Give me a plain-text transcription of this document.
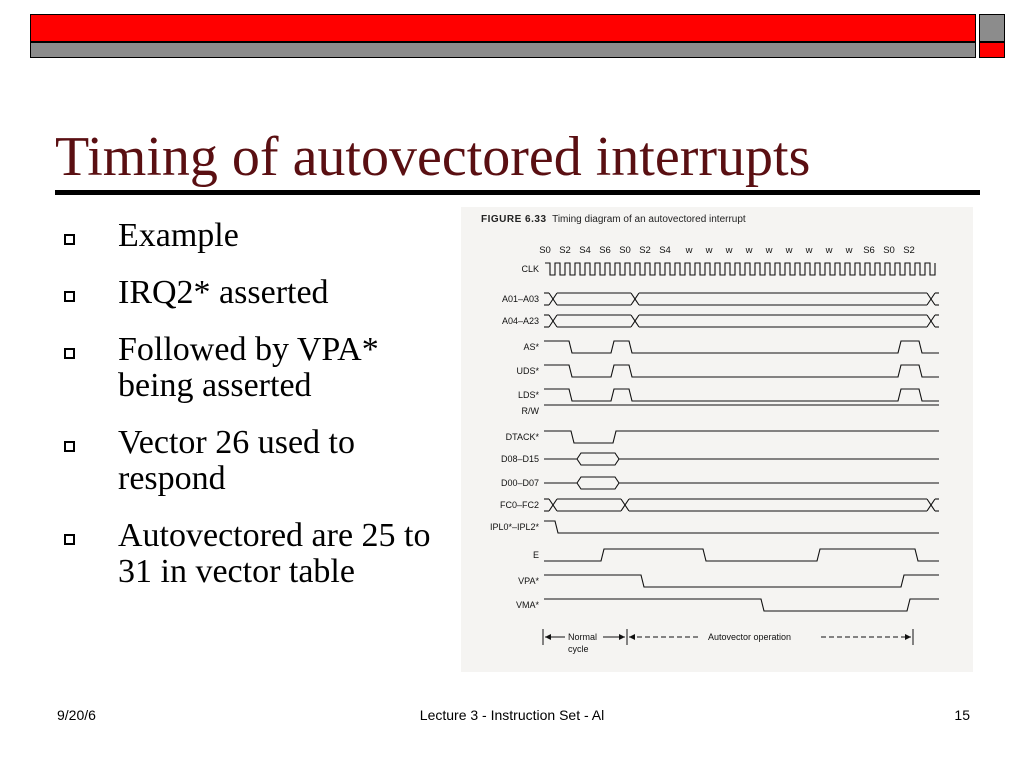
Timing of autovectored interrupts
Example
IRQ2* asserted
Followed by VPA*
being asserted
Vector 26 used to
respond
Autovectored are 25 to
31 in vector table
FIGURE 6.33 Timing diagram of an autovectored interrupt
S0 S2 S4 S6 S0 S2 S4 w w w w w w w w w S6 S0 S2
CLK
A01–A03
A04–A23
AS*
UDS*
LDS*
R/W
DTACK*
D08–D15
D00–D07
FC0–FC2
IPL0*–IPL2*
E
VPA*
VMA*
Normal
cycle
Autovector operation
9/20/6	Lecture 3 - Instruction Set - Al	15
